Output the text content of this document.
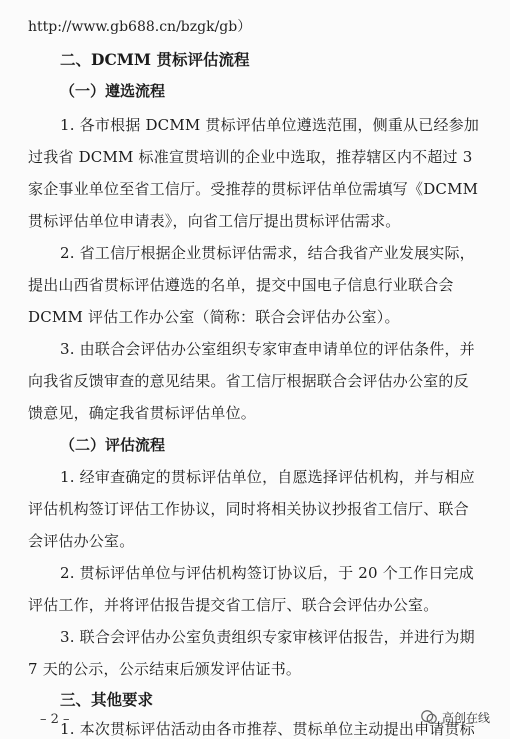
http://www.gb688.cn/bzgk/gb）
二、DCMM 贯标评估流程
（一）遵选流程
1. 各市根据 DCMM 贯标评估单位遵选范围，侧重从已经参加
过我省 DCMM 标准宣贯培训的企业中选取，推荐辖区内不超过 3
家企事业单位至省工信厅。受推荐的贯标评估单位需填写《DCMM
贯标评估单位申请表》，向省工信厅提出贯标评估需求。
2. 省工信厅根据企业贯标评估需求，结合我省产业发展实际，
提出山西省贯标评估遵选的名单，提交中国电子信息行业联合会
DCMM 评估工作办公室（简称：联合会评估办公室）。
3. 由联合会评估办公室组织专家审查申请单位的评估条件，并
向我省反馈审查的意见结果。省工信厅根据联合会评估办公室的反
馈意见，确定我省贯标评估单位。
（二）评估流程
1. 经审查确定的贯标评估单位，自愿选择评估机构，并与相应
评估机构签订评估工作协议，同时将相关协议抄报省工信厅、联合
会评估办公室。
2. 贯标评估单位与评估机构签订协议后，于 20 个工作日完成
评估工作，并将评估报告提交省工信厅、联合会评估办公室。
3. 联合会评估办公室负责组织专家审核评估报告，并进行为期
7 天的公示，公示结束后颁发评估证书。
三、其他要求
1. 本次贯标评估活动由各市推荐、贯标单位主动提出申请贯标
– 2 –	高创在线
